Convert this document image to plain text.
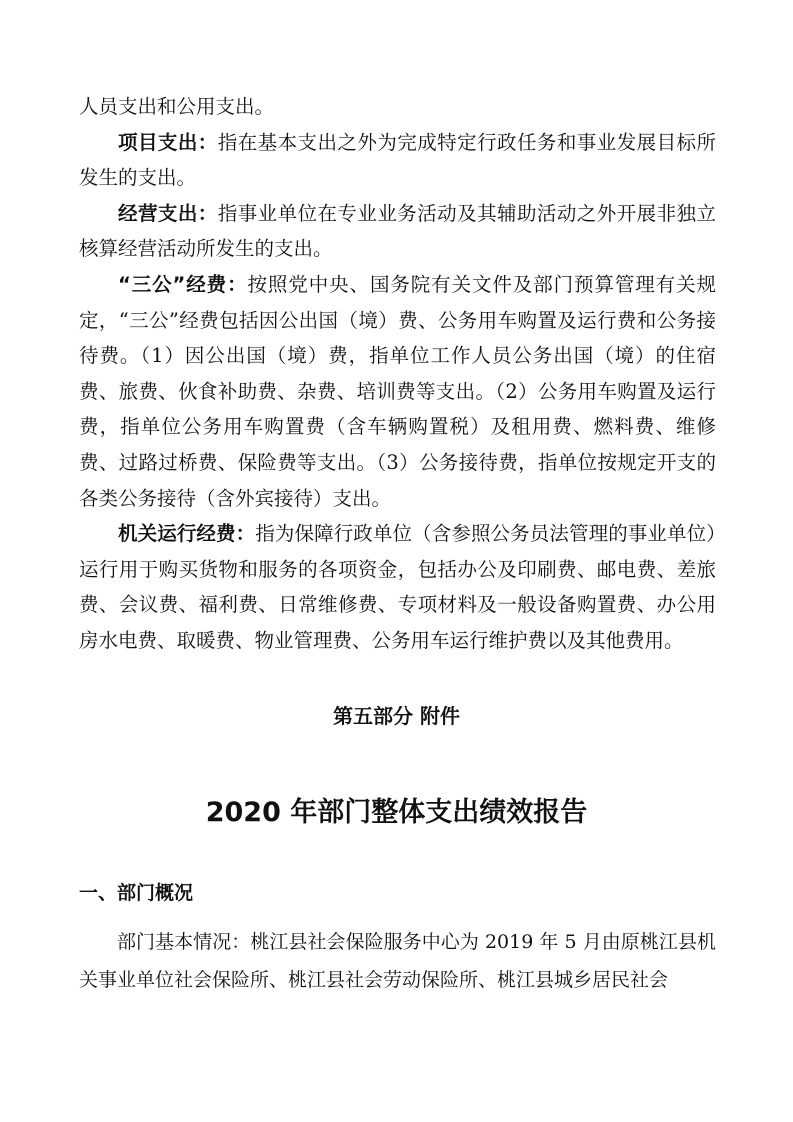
人员支出和公用支出。

项目支出：指在基本支出之外为完成特定行政任务和事业发展目标所发生的支出。

经营支出：指事业单位在专业业务活动及其辅助活动之外开展非独立核算经营活动所发生的支出。

“三公”经费：按照党中央、国务院有关文件及部门预算管理有关规定，“三公”经费包括因公出国（境）费、公务用车购置及运行费和公务接待费。（1）因公出国（境）费，指单位工作人员公务出国（境）的住宿费、旅费、伙食补助费、杂费、培训费等支出。（2）公务用车购置及运行费，指单位公务用车购置费（含车辆购置税）及租用费、燃料费、维修费、过路过桥费、保险费等支出。（3）公务接待费，指单位按规定开支的各类公务接待（含外宾接待）支出。

机关运行经费：指为保障行政单位（含参照公务员法管理的事业单位）运行用于购买货物和服务的各项资金，包括办公及印刷费、邮电费、差旅费、会议费、福利费、日常维修费、专项材料及一般设备购置费、办公用房水电费、取暖费、物业管理费、公务用车运行维护费以及其他费用。

第五部分 附件
2020 年部门整体支出绩效报告
一、部门概况

部门基本情况：桃江县社会保险服务中心为 2019 年 5 月由原桃江县机关事业单位社会保险所、桃江县社会劳动保险所、桃江县城乡居民社会
